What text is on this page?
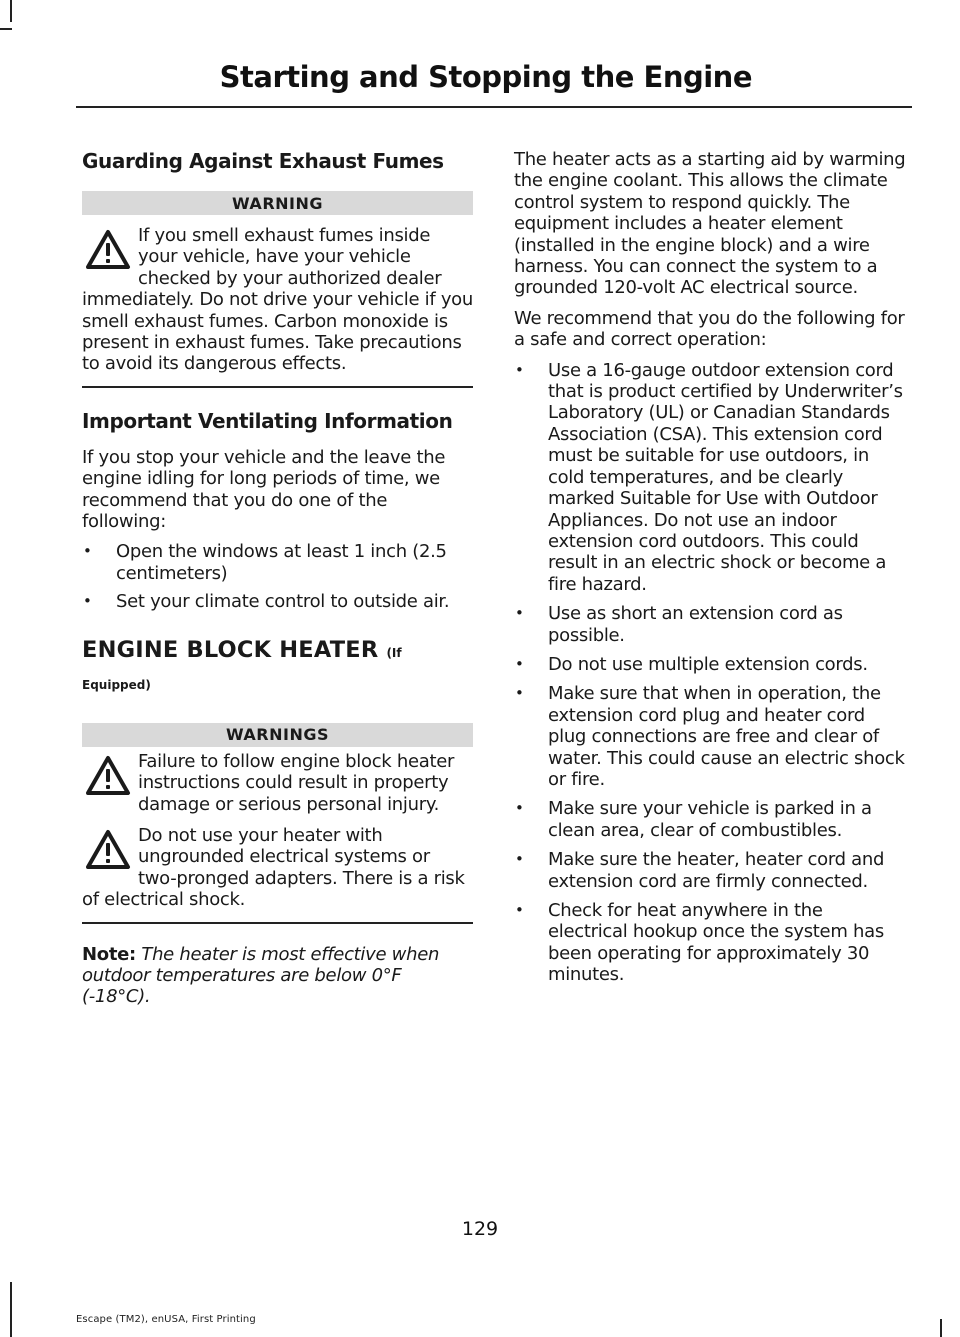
Starting and Stopping the Engine
Guarding Against Exhaust Fumes
WARNING
If you smell exhaust fumes inside your vehicle, have your vehicle checked by your authorized dealer immediately. Do not drive your vehicle if you smell exhaust fumes. Carbon monoxide is present in exhaust fumes. Take precautions to avoid its dangerous effects.
Important Ventilating Information
If you stop your vehicle and the leave the engine idling for long periods of time, we recommend that you do one of the following:
• Open the windows at least 1 inch (2.5 centimeters)
• Set your climate control to outside air.
ENGINE BLOCK HEATER (If
Equipped)
WARNINGS
Failure to follow engine block heater instructions could result in property damage or serious personal injury.
Do not use your heater with ungrounded electrical systems or two-pronged adapters. There is a risk of electrical shock.
Note: The heater is most effective when outdoor temperatures are below 0°F (-18°C).
The heater acts as a starting aid by warming the engine coolant. This allows the climate control system to respond quickly. The equipment includes a heater element (installed in the engine block) and a wire harness. You can connect the system to a grounded 120-volt AC electrical source.
We recommend that you do the following for a safe and correct operation:
• Use a 16-gauge outdoor extension cord that is product certified by Underwriter’s Laboratory (UL) or Canadian Standards Association (CSA). This extension cord must be suitable for use outdoors, in cold temperatures, and be clearly marked Suitable for Use with Outdoor Appliances. Do not use an indoor extension cord outdoors. This could result in an electric shock or become a fire hazard.
• Use as short an extension cord as possible.
• Do not use multiple extension cords.
• Make sure that when in operation, the extension cord plug and heater cord plug connections are free and clear of water. This could cause an electric shock or fire.
• Make sure your vehicle is parked in a clean area, clear of combustibles.
• Make sure the heater, heater cord and extension cord are firmly connected.
• Check for heat anywhere in the electrical hookup once the system has been operating for approximately 30 minutes.
129
Escape (TM2), enUSA, First Printing
